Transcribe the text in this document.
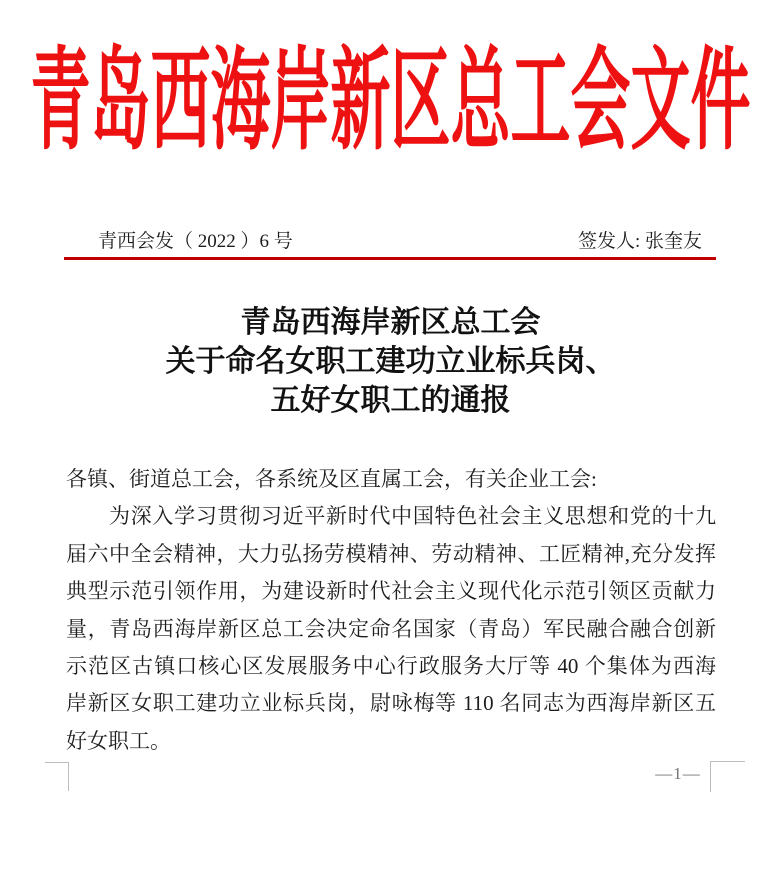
青岛西海岸新区总工会文件
青西会发（ 2022 ）6 号	签发人: 张奎友
青岛西海岸新区总工会
关于命名女职工建功立业标兵岗、
五好女职工的通报
各镇、街道总工会，各系统及区直属工会，有关企业工会:
为深入学习贯彻习近平新时代中国特色社会主义思想和党的十九
届六中全会精神，大力弘扬劳模精神、劳动精神、工匠精神,充分发挥
典型示范引领作用，为建设新时代社会主义现代化示范引领区贡献力
量，青岛西海岸新区总工会决定命名国家（青岛）军民融合融合创新
示范区古镇口核心区发展服务中心行政服务大厅等 40 个集体为西海
岸新区女职工建功立业标兵岗，尉咏梅等 110 名同志为西海岸新区五
好女职工。
—1—
